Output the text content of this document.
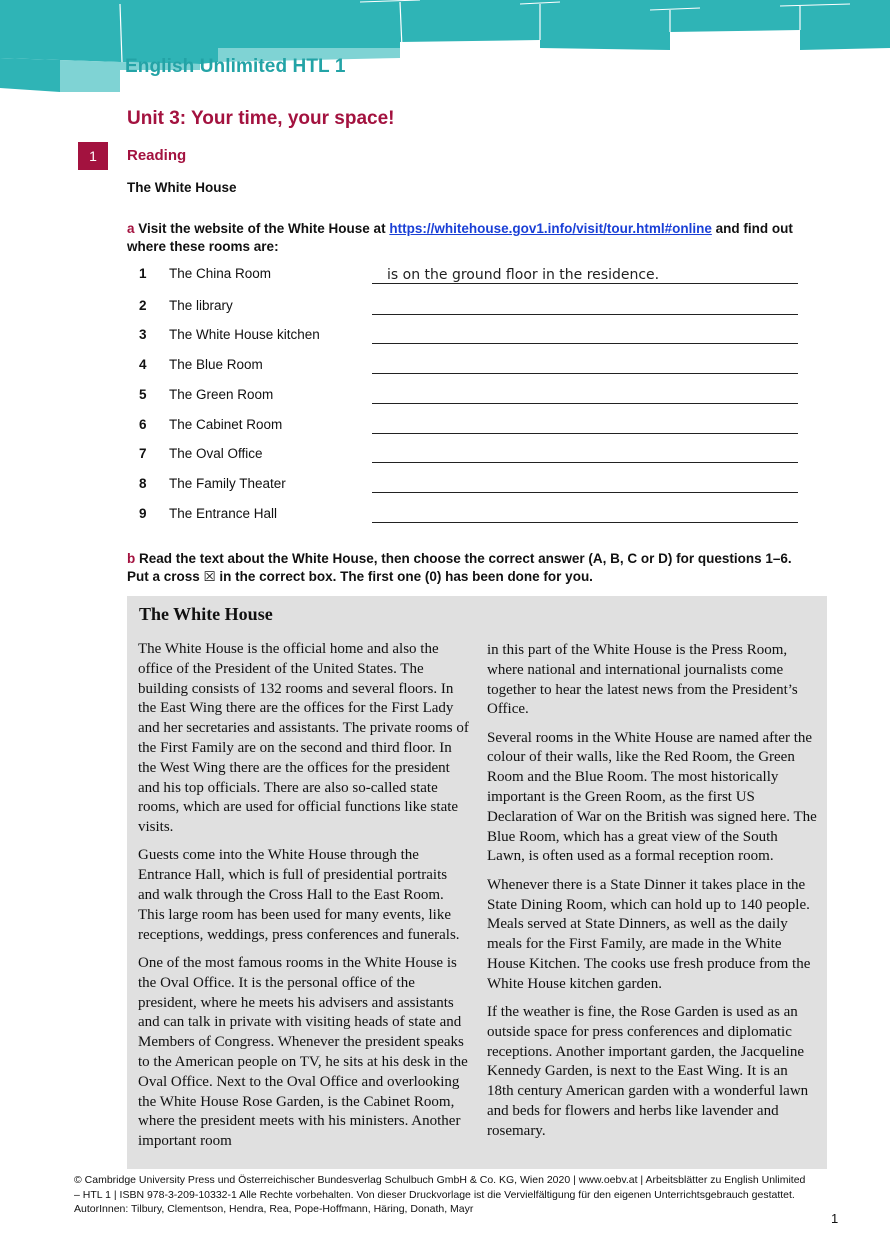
English Unlimited HTL 1
Unit 3: Your time, your space!
1	Reading
The White House
a Visit the website of the White House at https://whitehouse.gov1.info/visit/tour.html#online and find out where these rooms are:
1 The China Room	is on the ground floor in the residence.
2 The library
3 The White House kitchen
4 The Blue Room
5 The Green Room
6 The Cabinet Room
7 The Oval Office
8 The Family Theater
9 The Entrance Hall
b Read the text about the White House, then choose the correct answer (A, B, C or D) for questions 1–6.
Put a cross ☒ in the correct box. The first one (0) has been done for you.
The White House

The White House is the official home and also the office of the President of the United States. The building consists of 132 rooms and several floors. In the East Wing there are the offices for the First Lady and her secretaries and assistants. The private rooms of the First Family are on the second and third floor. In the West Wing there are the offices for the president and his top officials. There are also so-called state rooms, which are used for official functions like state visits.

Guests come into the White House through the Entrance Hall, which is full of presidential portraits and walk through the Cross Hall to the East Room. This large room has been used for many events, like receptions, weddings, press conferences and funerals.

One of the most famous rooms in the White House is the Oval Office. It is the personal office of the president, where he meets his advisers and assistants and can talk in private with visiting heads of state and Members of Congress. Whenever the president speaks to the American people on TV, he sits at his desk in the Oval Office. Next to the Oval Office and overlooking the White House Rose Garden, is the Cabinet Room, where the president meets with his ministers. Another important room

in this part of the White House is the Press Room, where national and international journalists come together to hear the latest news from the President’s Office.

Several rooms in the White House are named after the colour of their walls, like the Red Room, the Green Room and the Blue Room. The most historically important is the Green Room, as the first US Declaration of War on the British was signed here. The Blue Room, which has a great view of the South Lawn, is often used as a formal reception room.

Whenever there is a State Dinner it takes place in the State Dining Room, which can hold up to 140 people. Meals served at State Dinners, as well as the daily meals for the First Family, are made in the White House Kitchen. The cooks use fresh produce from the White House kitchen garden.

If the weather is fine, the Rose Garden is used as an outside space for press conferences and diplomatic receptions. Another important garden, the Jacqueline Kennedy Garden, is next to the East Wing. It is an 18th century American garden with a wonderful lawn and beds for flowers and herbs like lavender and rosemary.

© Cambridge University Press und Österreichischer Bundesverlag Schulbuch GmbH & Co. KG, Wien 2020 | www.oebv.at | Arbeitsblätter zu English Unlimited – HTL 1 | ISBN 978-3-209-10332-1 Alle Rechte vorbehalten. Von dieser Druckvorlage ist die Vervielfältigung für den eigenen Unterrichtsgebrauch gestattet.
AutorInnen: Tilbury, Clementson, Hendra, Rea, Pope-Hoffmann, Häring, Donath, Mayr
1
